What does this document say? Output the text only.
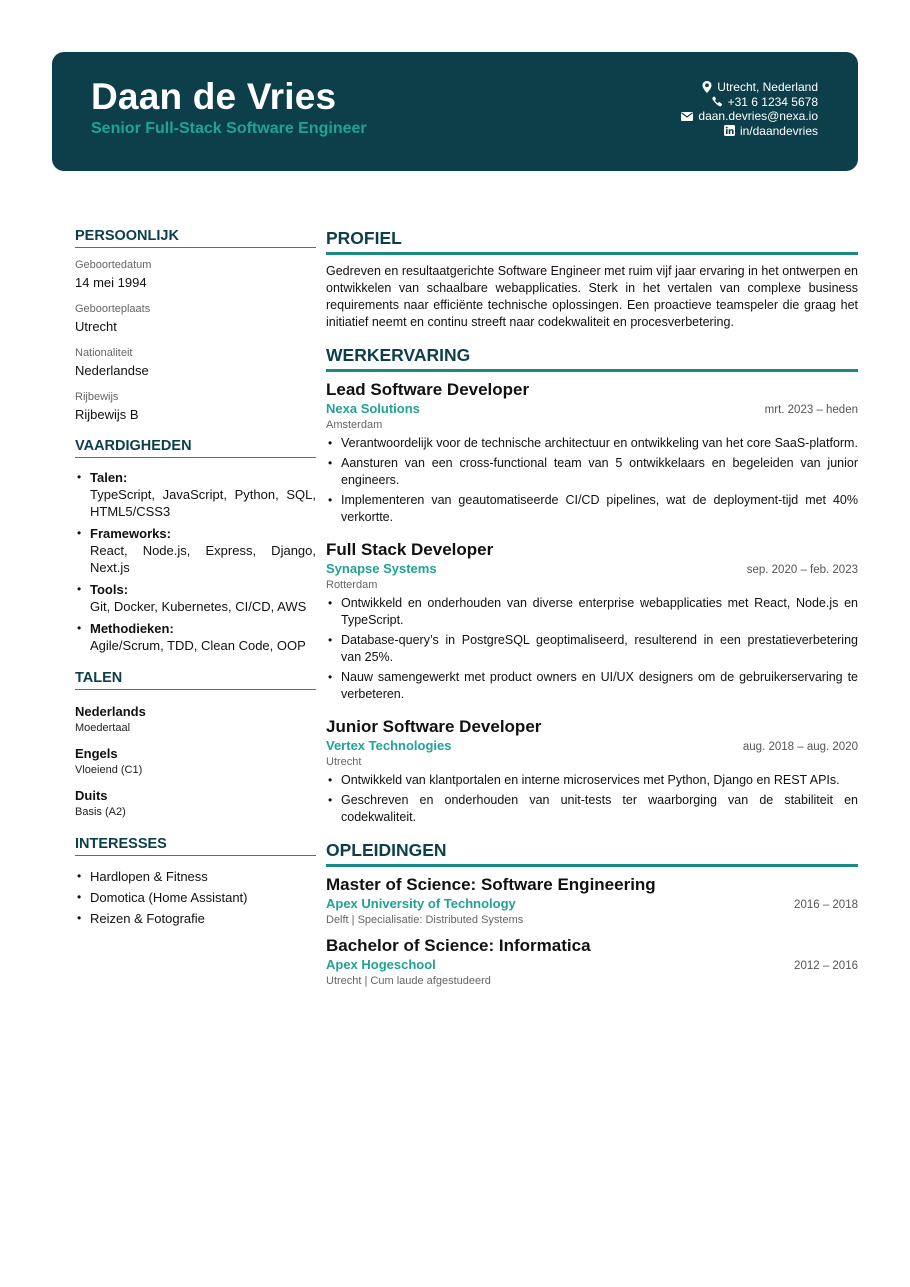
Daan de Vries
Senior Full-Stack Software Engineer
Utrecht, Nederland
+31 6 1234 5678
daan.devries@nexa.io
in/daandevries
PERSOONLIJK
Geboortedatum
14 mei 1994
Geboorteplaats
Utrecht
Nationaliteit
Nederlandse
Rijbewijs
Rijbewijs B
VAARDIGHEDEN
• Talen:
TypeScript, JavaScript, Python, SQL, HTML5/CSS3
• Frameworks:
React, Node.js, Express, Django, Next.js
• Tools:
Git, Docker, Kubernetes, CI/CD, AWS
• Methodieken:
Agile/Scrum, TDD, Clean Code, OOP
TALEN
Nederlands
Moedertaal
Engels
Vloeiend (C1)
Duits
Basis (A2)
INTERESSES
• Hardlopen & Fitness
• Domotica (Home Assistant)
• Reizen & Fotografie
PROFIEL
Gedreven en resultaatgerichte Software Engineer met ruim vijf jaar ervaring in het ontwerpen en ontwikkelen van schaalbare webapplicaties. Sterk in het vertalen van complexe business requirements naar efficiënte technische oplossingen. Een proactieve teamspeler die graag het initiatief neemt en continu streeft naar codekwaliteit en procesverbetering.
WERKERVARING
Lead Software Developer
Nexa Solutions	mrt. 2023 – heden
Amsterdam
• Verantwoordelijk voor de technische architectuur en ontwikkeling van het core SaaS-platform.
• Aansturen van een cross-functional team van 5 ontwikkelaars en begeleiden van junior engineers.
• Implementeren van geautomatiseerde CI/CD pipelines, wat de deployment-tijd met 40% verkortte.
Full Stack Developer
Synapse Systems	sep. 2020 – feb. 2023
Rotterdam
• Ontwikkeld en onderhouden van diverse enterprise webapplicaties met React, Node.js en TypeScript.
• Database-query’s in PostgreSQL geoptimaliseerd, resulterend in een prestatieverbetering van 25%.
• Nauw samengewerkt met product owners en UI/UX designers om de gebruikerservaring te verbeteren.
Junior Software Developer
Vertex Technologies	aug. 2018 – aug. 2020
Utrecht
• Ontwikkeld van klantportalen en interne microservices met Python, Django en REST APIs.
• Geschreven en onderhouden van unit-tests ter waarborging van de stabiliteit en codekwaliteit.
OPLEIDINGEN
Master of Science: Software Engineering
Apex University of Technology	2016 – 2018
Delft | Specialisatie: Distributed Systems
Bachelor of Science: Informatica
Apex Hogeschool	2012 – 2016
Utrecht | Cum laude afgestudeerd
